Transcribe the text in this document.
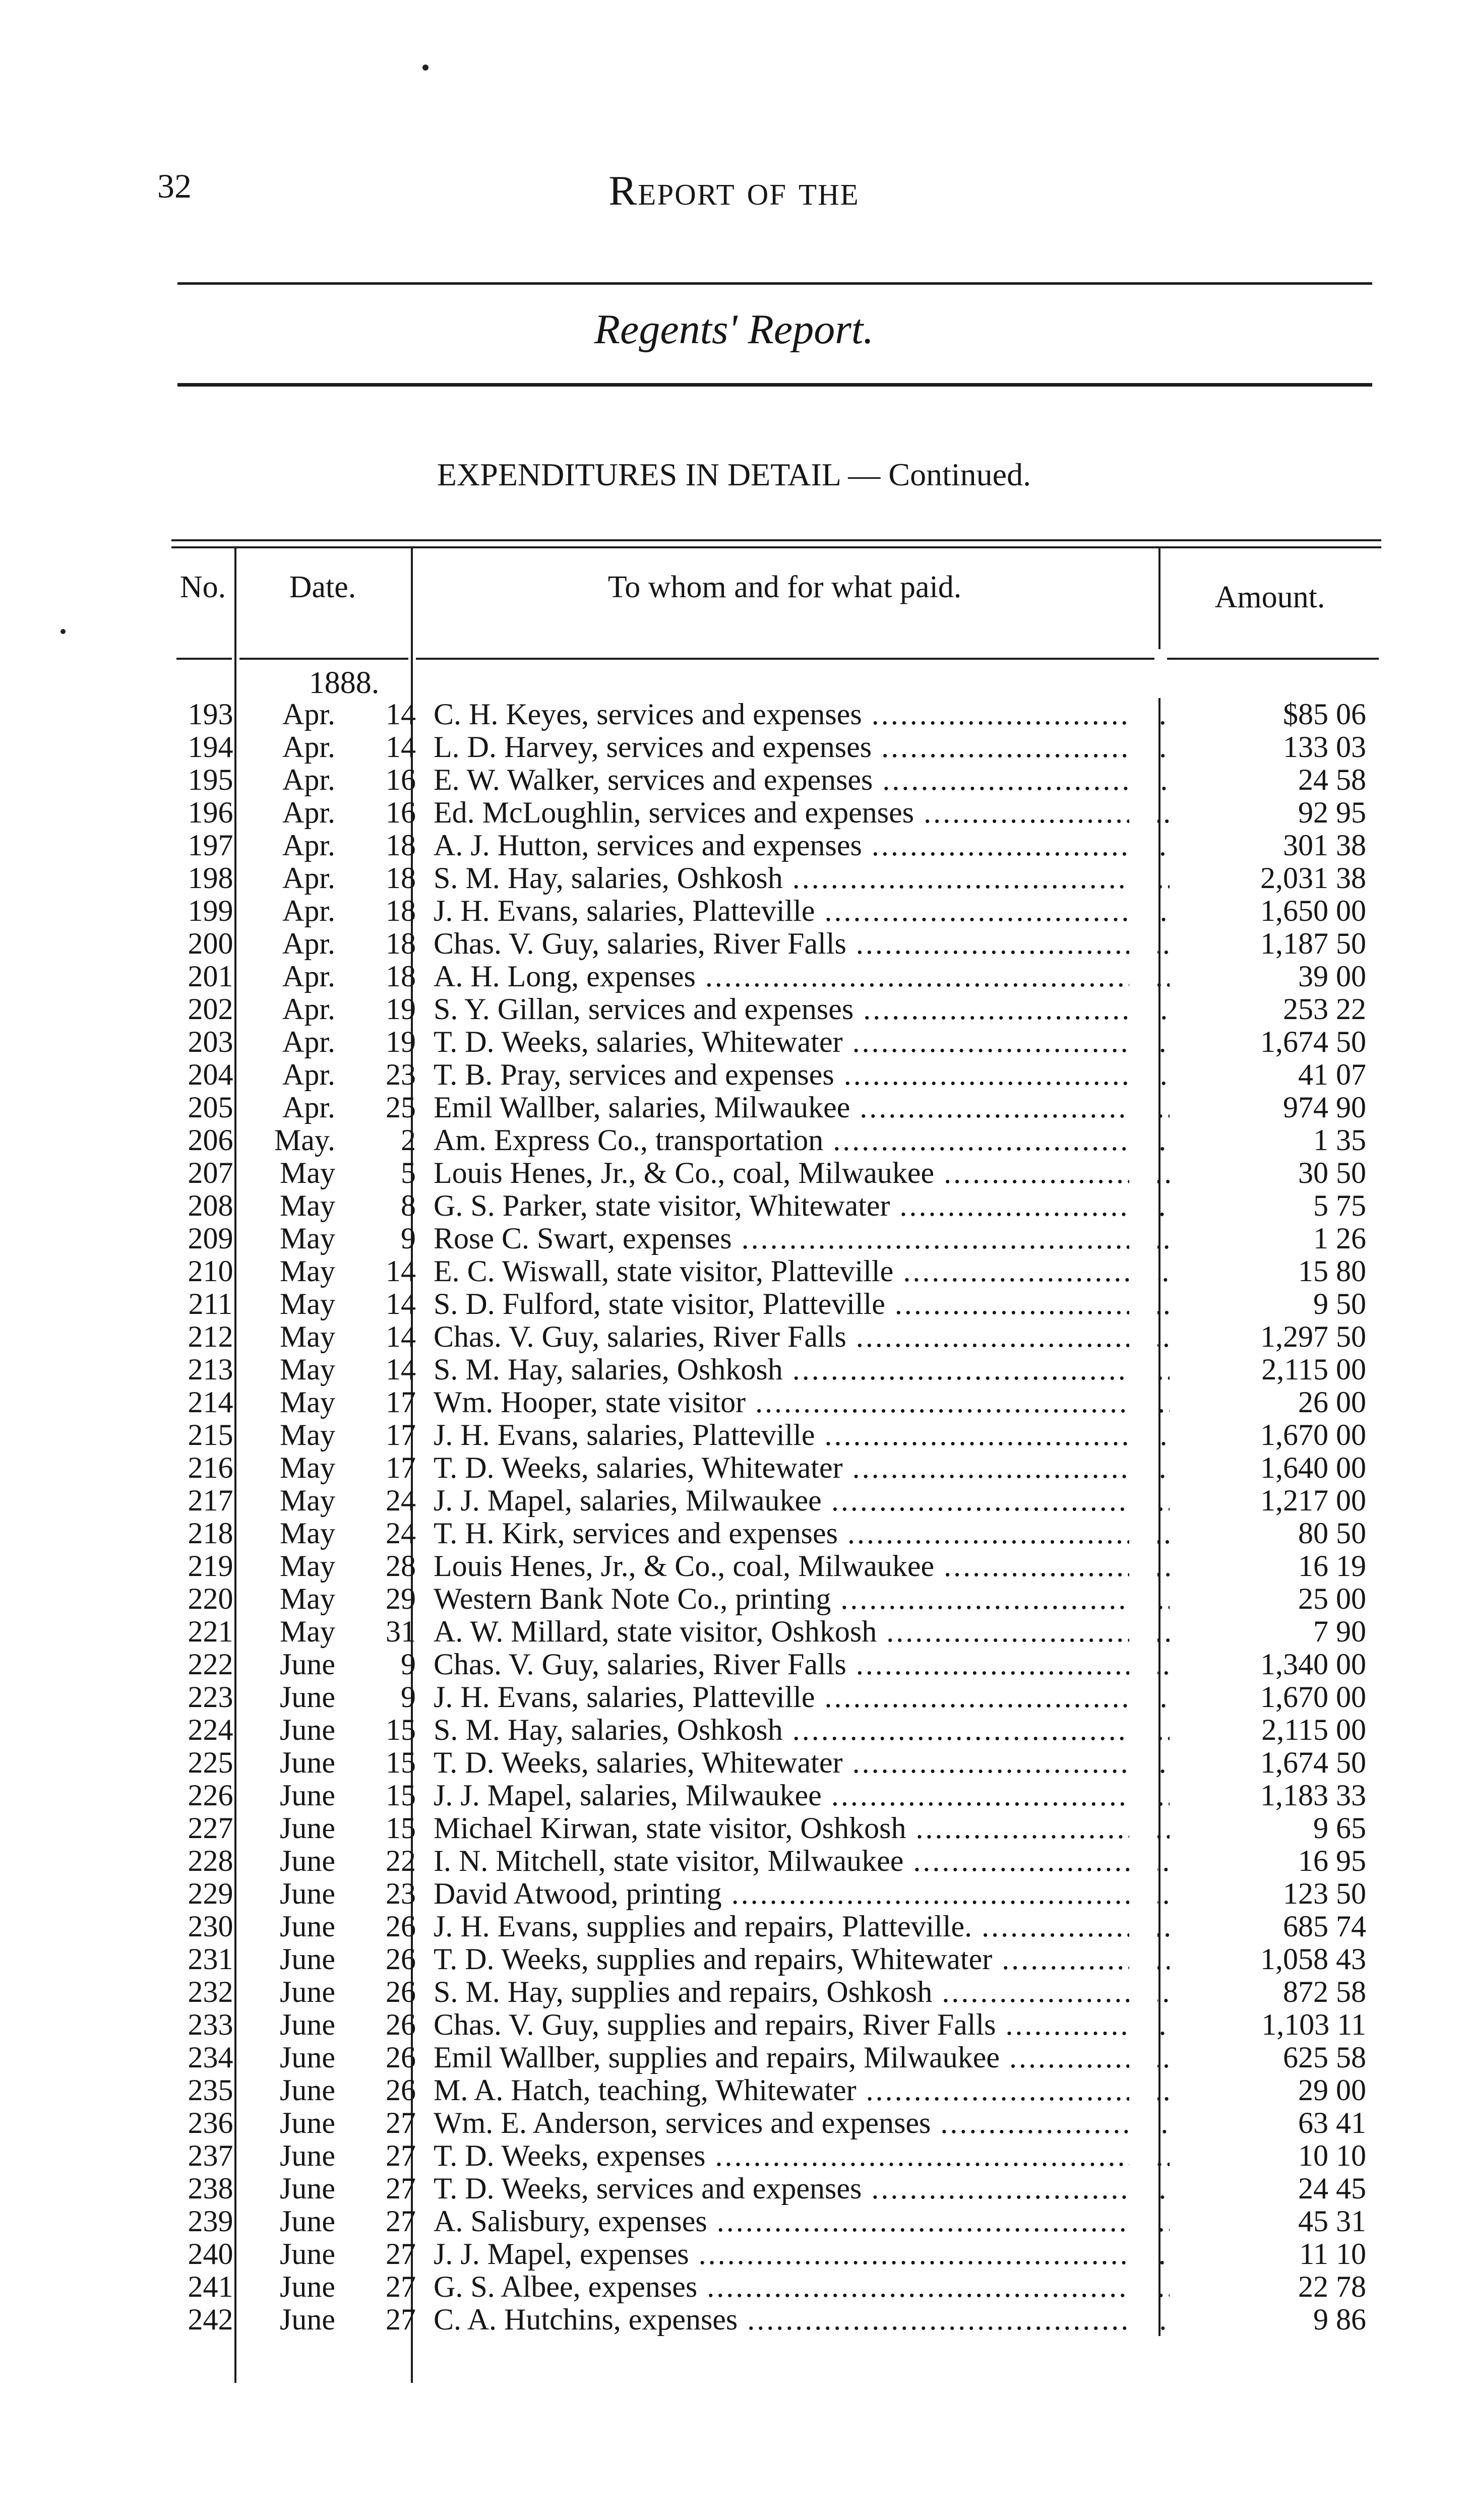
32	Report of the
Regents' Report.
EXPENDITURES IN DETAIL — Continued.
No.	Date.	To whom and for what paid.	Amount.
1888.
193	Apr.	14 C. H. Keyes, services and expenses .....	$85 06
194	Apr.	14 L. D. Harvey, services and expenses .....	133 03
195	Apr.	16 E. W. Walker, services and expenses .....	24 58
196	Apr.	16 Ed. McLoughlin, services and expenses .....	92 95
197	Apr.	18 A. J. Hutton, services and expenses .....	301 38
198	Apr.	18 S. M. Hay, salaries, Oshkosh .....	2,031 38
199	Apr.	18 J. H. Evans, salaries, Platteville .....	1,650 00
200	Apr.	18 Chas. V. Guy, salaries, River Falls .....	1,187 50
201	Apr.	18 A. H. Long, expenses .....	39 00
202	Apr.	19 S. Y. Gillan, services and expenses .....	253 22
203	Apr.	19 T. D. Weeks, salaries, Whitewater .....	1,674 50
204	Apr.	23 T. B. Pray, services and expenses .....	41 07
205	Apr.	25 Emil Wallber, salaries, Milwaukee .....	974 90
206	May.	2 Am. Express Co., transportation .....	1 35
207	May	5 Louis Henes, Jr., & Co., coal, Milwaukee .....	30 50
208	May	8 G. S. Parker, state visitor, Whitewater .....	5 75
209	May	9 Rose C. Swart, expenses .....	1 26
210	May	14 E. C. Wiswall, state visitor, Platteville .....	15 80
211	May	14 S. D. Fulford, state visitor, Platteville .....	9 50
212	May	14 Chas. V. Guy, salaries, River Falls .....	1,297 50
213	May	14 S. M. Hay, salaries, Oshkosh .....	2,115 00
214	May	17 Wm. Hooper, state visitor .....	26 00
215	May	17 J. H. Evans, salaries, Platteville .....	1,670 00
216	May	17 T. D. Weeks, salaries, Whitewater .....	1,640 00
217	May	24 J. J. Mapel, salaries, Milwaukee .....	1,217 00
218	May	24 T. H. Kirk, services and expenses .....	80 50
219	May	28 Louis Henes, Jr., & Co., coal, Milwaukee .....	16 19
220	May	29 Western Bank Note Co., printing .....	25 00
221	May	31 A. W. Millard, state visitor, Oshkosh .....	7 90
222	June	9 Chas. V. Guy, salaries, River Falls .....	1,340 00
223	June	9 J. H. Evans, salaries, Platteville .....	1,670 00
224	June	15 S. M. Hay, salaries, Oshkosh .....	2,115 00
225	June	15 T. D. Weeks, salaries, Whitewater .....	1,674 50
226	June	15 J. J. Mapel, salaries, Milwaukee .....	1,183 33
227	June	15 Michael Kirwan, state visitor, Oshkosh .....	9 65
228	June	22 I. N. Mitchell, state visitor, Milwaukee .....	16 95
229	June	23 David Atwood, printing .....	123 50
230	June	26 J. H. Evans, supplies and repairs, Platteville. .....	685 74
231	June	26 T. D. Weeks, supplies and repairs, Whitewater .....	1,058 43
232	June	26 S. M. Hay, supplies and repairs, Oshkosh .....	872 58
233	June	26 Chas. V. Guy, supplies and repairs, River Falls .....	1,103 11
234	June	26 Emil Wallber, supplies and repairs, Milwaukee .....	625 58
235	June	26 M. A. Hatch, teaching, Whitewater .....	29 00
236	June	27 Wm. E. Anderson, services and expenses .....	63 41
237	June	27 T. D. Weeks, expenses .....	10 10
238	June	27 T. D. Weeks, services and expenses .....	24 45
239	June	27 A. Salisbury, expenses .....	45 31
240	June	27 J. J. Mapel, expenses .....	11 10
241	June	27 G. S. Albee, expenses .....	22 78
242	June	27 C. A. Hutchins, expenses .....	9 86
